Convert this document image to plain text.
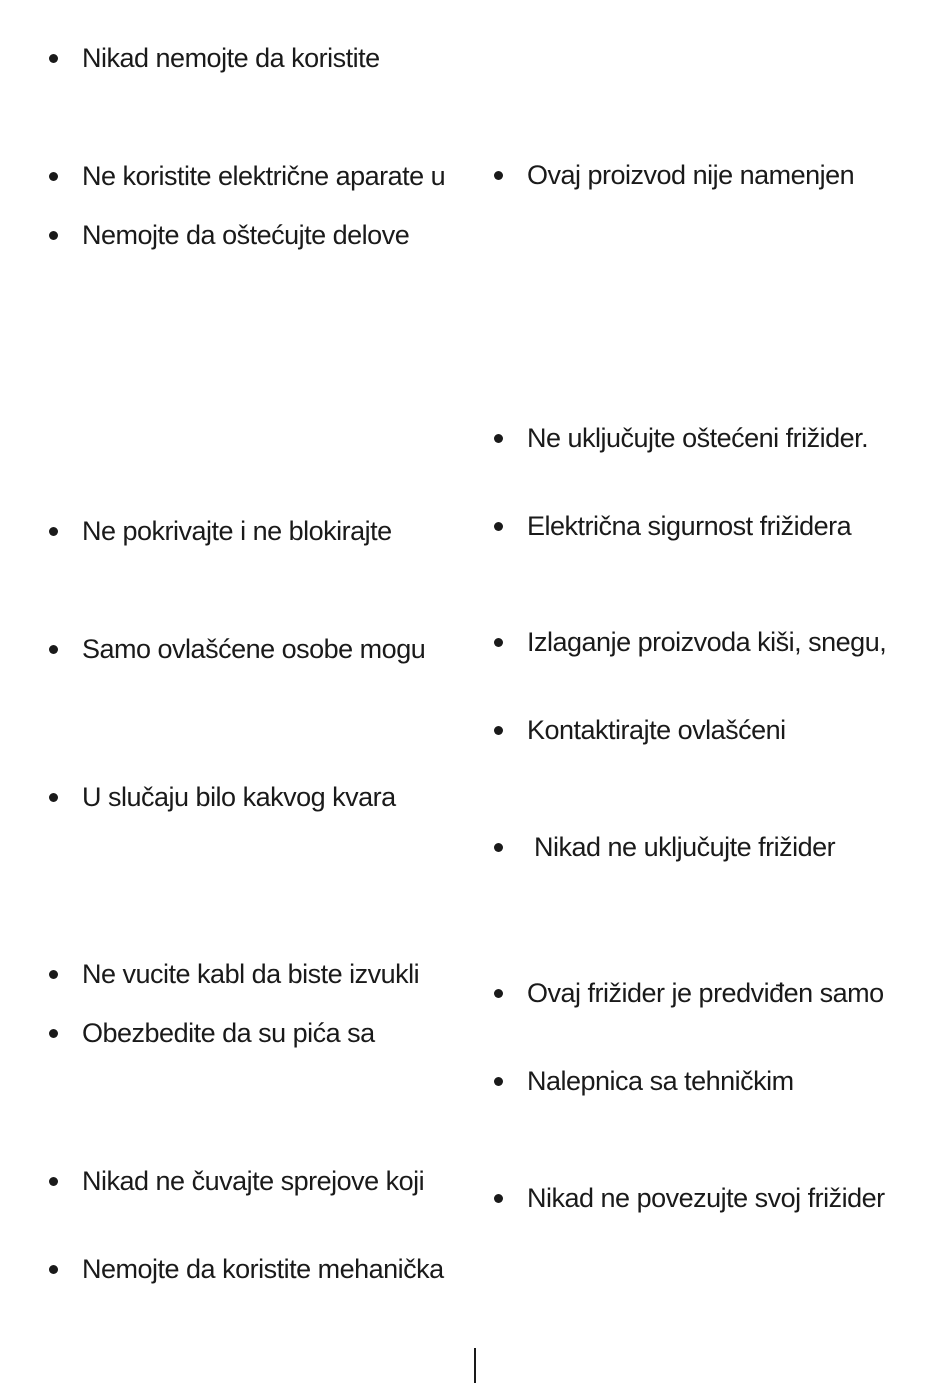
Nikad nemojte da koristite
Ne koristite električne aparate u
Nemojte da oštećujte delove
Ne pokrivajte i ne blokirajte
Samo ovlašćene osobe mogu
U slučaju bilo kakvog kvara
Ne vucite kabl da biste izvukli
Obezbedite da su pića sa
Nikad ne čuvajte sprejove koji
Nemojte da koristite mehanička
Ovaj proizvod nije namenjen
Ne uključujte oštećeni frižider.
Električna sigurnost frižidera
Izlaganje proizvoda kiši, snegu,
Kontaktirajte ovlašćeni
Nikad ne uključujte frižider
Ovaj frižider je predviđen samo
Nalepnica sa tehničkim
Nikad ne povezujte svoj frižider
